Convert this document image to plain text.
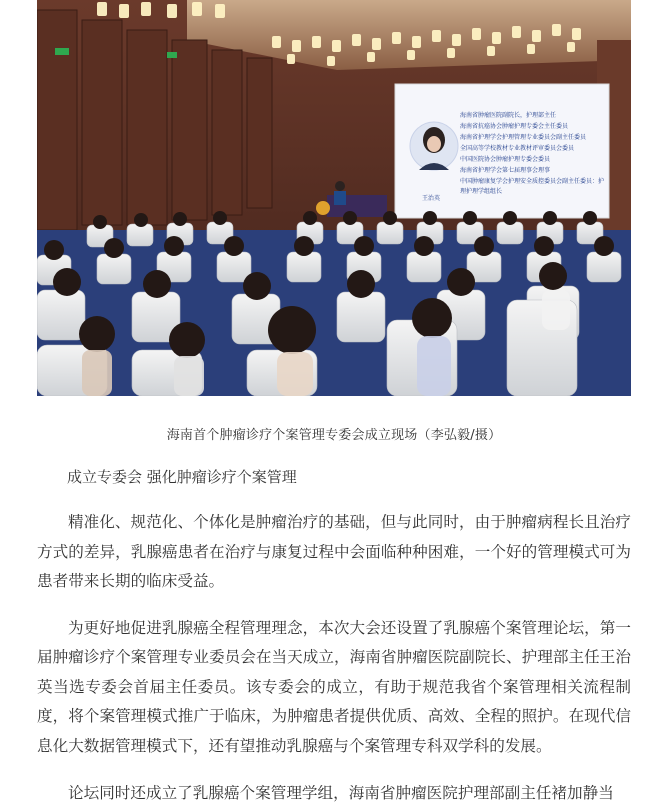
王治英
海南省肿瘤医院副院长，护理部主任
海南省抗癌协会肿瘤护理专委会主任委员
海南省护理学会护理管理专业委员会副主任委员
全国高等学校教材专业教材评审委员会委员
中国医院协会肿瘤护理专委会委员
海南省护理学会第七届理事会理事
中国肿瘤康复学会护理安全质控委员会副主任委员：护
理护理学组组长
海南首个肿瘤诊疗个案管理专委会成立现场（李弘毅/摄）
成立专委会 强化肿瘤诊疗个案管理

精准化、规范化、个体化是肿瘤治疗的基础，但与此同时，由于肿瘤病程长且治疗方式的差异，乳腺癌患者在治疗与康复过程中会面临种种困难，一个好的管理模式可为患者带来长期的临床受益。

为更好地促进乳腺癌全程管理理念，本次大会还设置了乳腺癌个案管理论坛，第一届肿瘤诊疗个案管理专业委员会在当天成立，海南省肿瘤医院副院长、护理部主任王治英当选专委会首届主任委员。该专委会的成立，有助于规范我省个案管理相关流程制度，将个案管理模式推广于临床，为肿瘤患者提供优质、高效、全程的照护。在现代信息化大数据管理模式下，还有望推动乳腺癌与个案管理专科双学科的发展。

论坛同时还成立了乳腺癌个案管理学组，海南省肿瘤医院护理部副主任褚加静当
